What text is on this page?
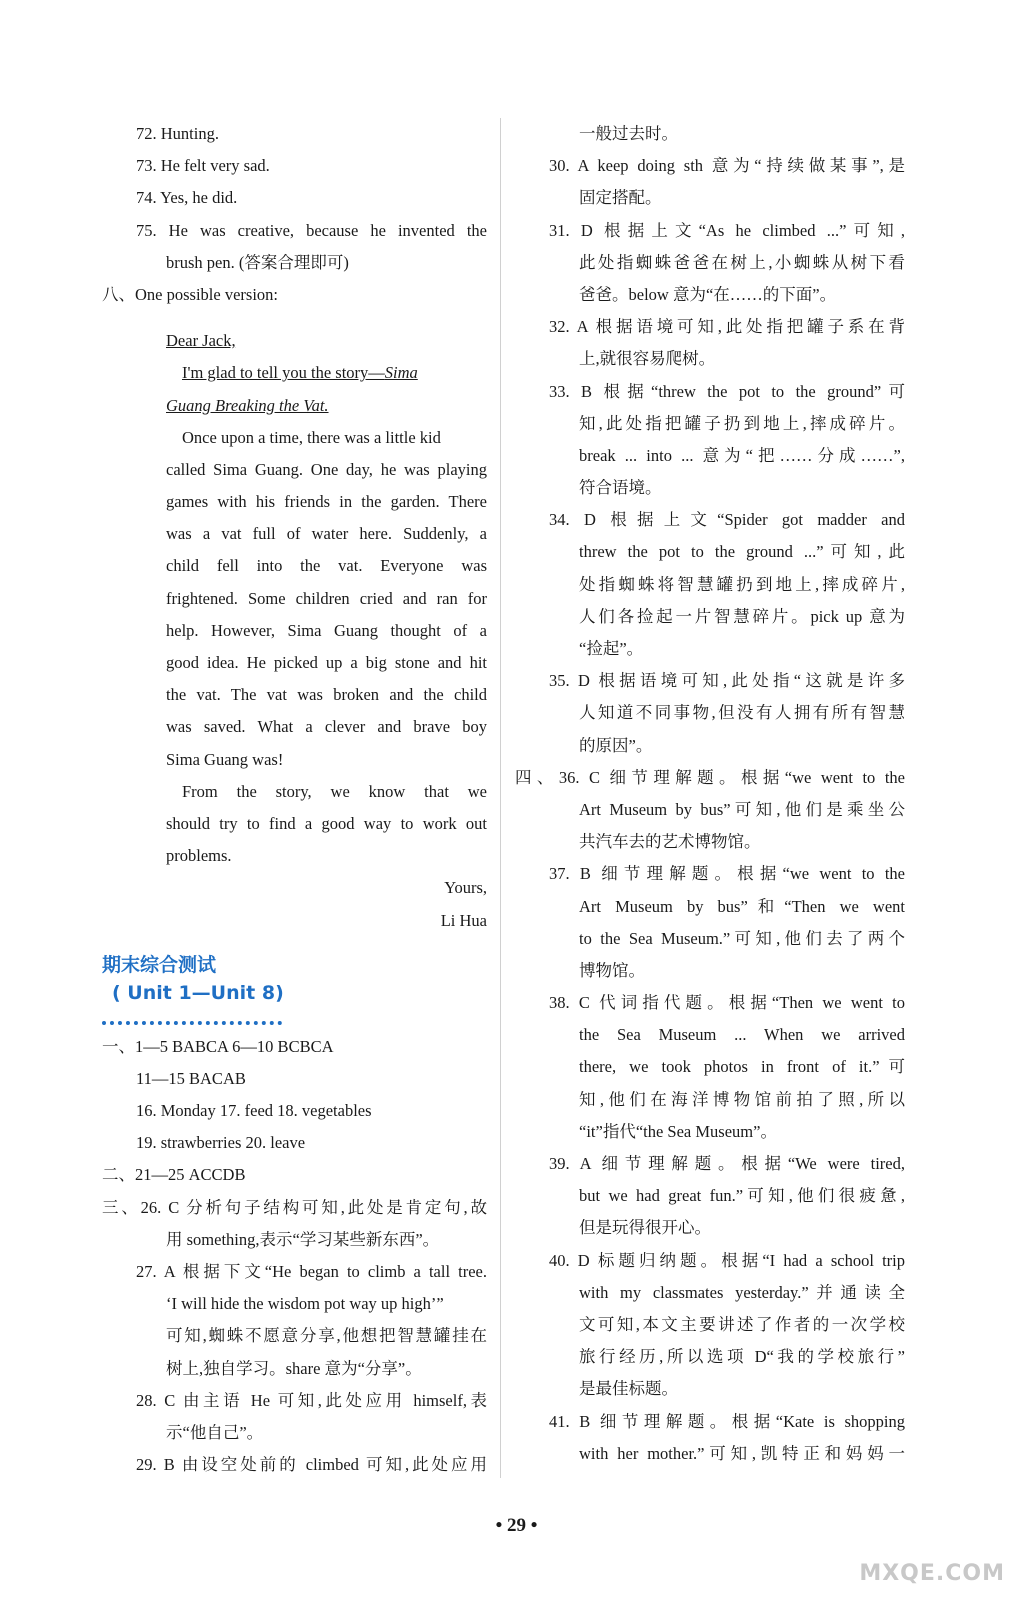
72. Hunting.
73. He felt very sad.
74. Yes, he did.
75. He was creative, because he invented the
brush pen. (答案合理即可)
八、One possible version:
Dear Jack,
I'm glad to tell you the story—Sima
Guang Breaking the Vat.
Once upon a time, there was a little kid
called Sima Guang. One day, he was playing
games with his friends in the garden. There
was a vat full of water here. Suddenly, a
child fell into the vat. Everyone was
frightened. Some children cried and ran for
help. However, Sima Guang thought of a
good idea. He picked up a big stone and hit
the vat. The vat was broken and the child
was saved. What a clever and brave boy
Sima Guang was!
From the story, we know that we
should try to find a good way to work out
problems.
Yours,
Li Hua
期末综合测试
( Unit 1—Unit 8)
一、1—5 BABCA 6—10 BCBCA
11—15 BACAB
16. Monday 17. feed 18. vegetables
19. strawberries 20. leave
二、21—25 ACCDB
三、26. C 分析句子结构可知,此处是肯定句,故
用 something,表示“学习某些新东西”。
27. A 根据下文“He began to climb a tall tree.
‘I will hide the wisdom pot way up high’”
可知,蜘蛛不愿意分享,他想把智慧罐挂在
树上,独自学习。share 意为“分享”。
28. C 由主语 He 可知,此处应用 himself,表
示“他自己”。
29. B 由设空处前的 climbed 可知,此处应用
一般过去时。
30. A keep doing sth 意为“持续做某事”,是
固定搭配。
31. D 根据上文“As he climbed ...”可知,
此处指蜘蛛爸爸在树上,小蜘蛛从树下看
爸爸。below 意为“在……的下面”。
32. A 根据语境可知,此处指把罐子系在背
上,就很容易爬树。
33. B 根据“threw the pot to the ground”可
知,此处指把罐子扔到地上,摔成碎片。
break ... into ... 意为“把……分成……”,
符合语境。
34. D 根据上文“Spider got madder and
threw the pot to the ground ...”可知,此
处指蜘蛛将智慧罐扔到地上,摔成碎片,
人们各捡起一片智慧碎片。pick up 意为
“捡起”。
35. D 根据语境可知,此处指“这就是许多
人知道不同事物,但没有人拥有所有智慧
的原因”。
四、36. C 细节理解题。根据“we went to the
Art Museum by bus”可知,他们是乘坐公
共汽车去的艺术博物馆。
37. B 细节理解题。根据“we went to the
Art Museum by bus”和“Then we went
to the Sea Museum.”可知,他们去了两个
博物馆。
38. C 代词指代题。根据“Then we went to
the Sea Museum ... When we arrived
there, we took photos in front of it.”可
知,他们在海洋博物馆前拍了照,所以
“it”指代“the Sea Museum”。
39. A 细节理解题。根据“We were tired,
but we had great fun.”可知,他们很疲惫,
但是玩得很开心。
40. D 标题归纳题。根据“I had a school trip
with my classmates yesterday.”并通读全
文可知,本文主要讲述了作者的一次学校
旅行经历,所以选项 D“我的学校旅行”
是最佳标题。
41. B 细节理解题。根据“Kate is shopping
with her mother.”可知,凯特正和妈妈一
• 29 •
MXQE.COM
